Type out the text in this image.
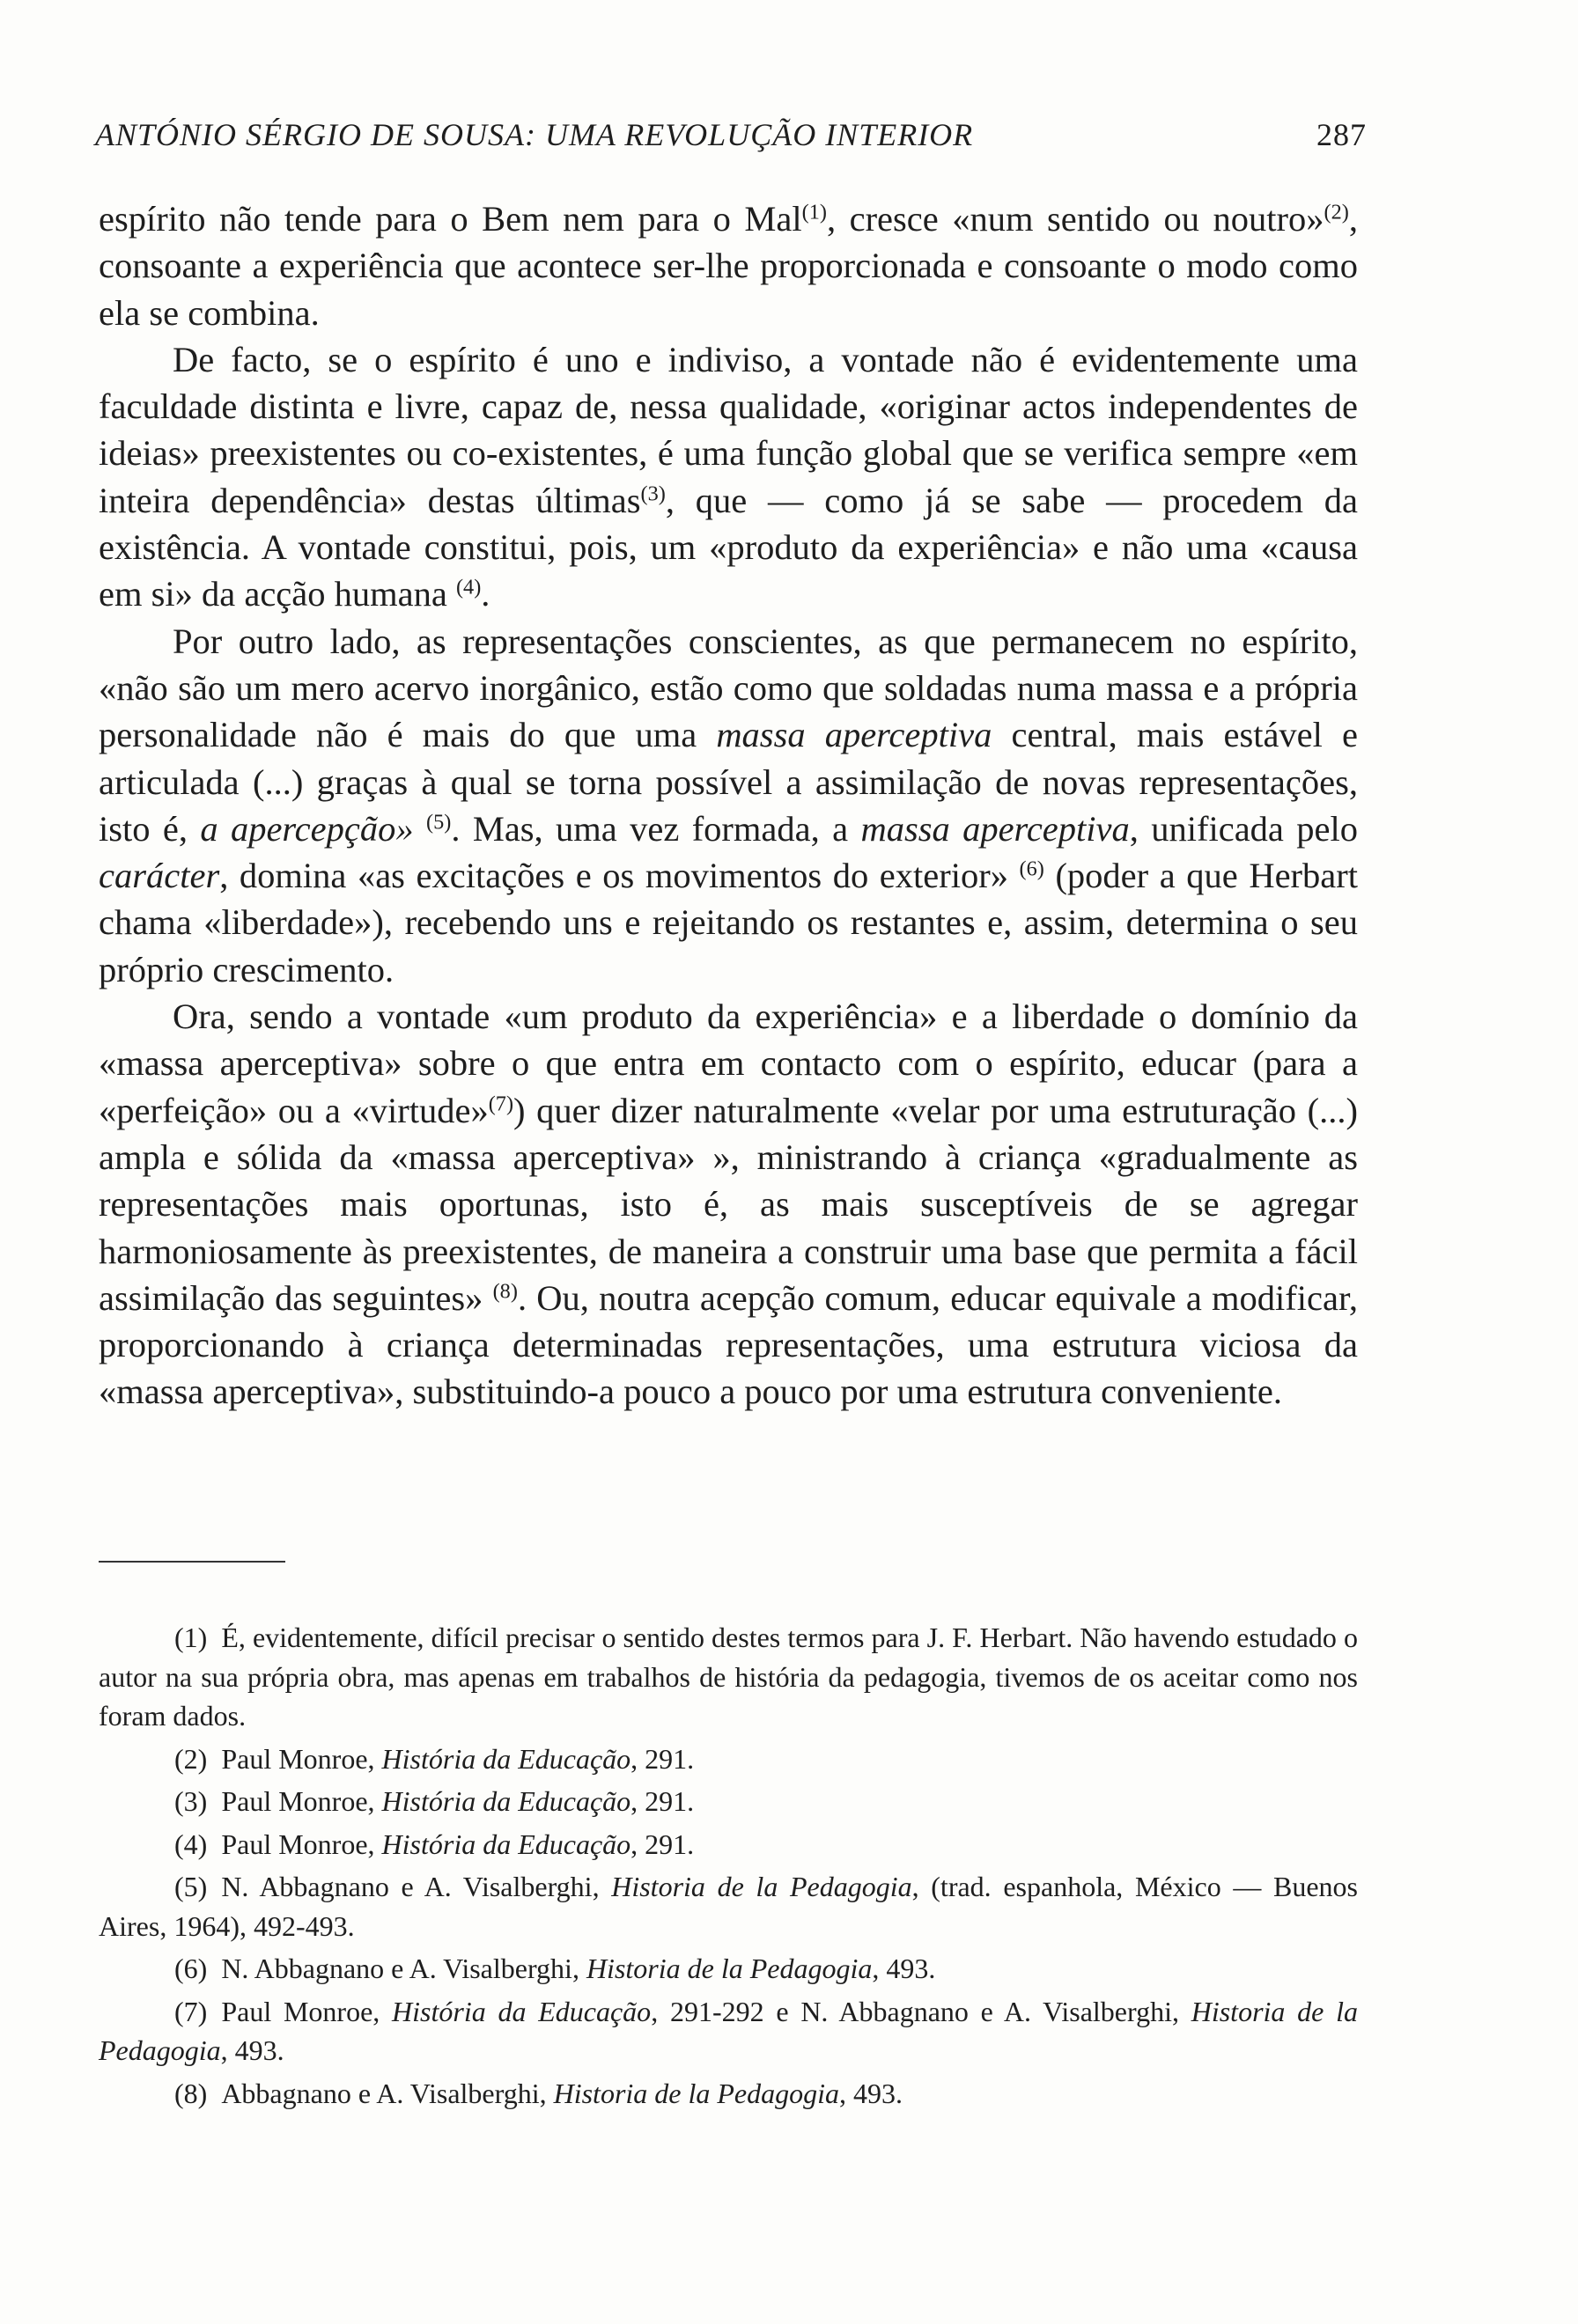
ANTÓNIO SÉRGIO DE SOUSA: UMA REVOLUÇÃO INTERIOR	287

espírito não tende para o Bem nem para o Mal$^{(1)}$, cresce «num sentido ou noutro»$^{(2)}$, consoante a experiência que acontece ser-lhe proporcionada e consoante o modo como ela se combina.

De facto, se o espírito é uno e indiviso, a vontade não é evidentemente uma faculdade distinta e livre, capaz de, nessa qualidade, «originar actos independentes de ideias» preexistentes ou co-existentes, é uma função global que se verifica sempre «em inteira dependência» destas últimas$^{(3)}$, que — como já se sabe — procedem da existência. A vontade constitui, pois, um «produto da experiência» e não uma «causa em si» da acção humana $^{(4)}$.

Por outro lado, as representações conscientes, as que permanecem no espírito, «não são um mero acervo inorgânico, estão como que soldadas numa massa e a própria personalidade não é mais do que uma massa aperceptiva central, mais estável e articulada (...) graças à qual se torna possível a assimilação de novas representações, isto é, a apercepção» $^{(5)}$. Mas, uma vez formada, a massa aperceptiva, unificada pelo carácter, domina «as excitações e os movimentos do exterior» $^{(6)}$ (poder a que Herbart chama «liberdade»), recebendo uns e rejeitando os restantes e, assim, determina o seu próprio crescimento.

Ora, sendo a vontade «um produto da experiência» e a liberdade o domínio da «massa aperceptiva» sobre o que entra em contacto com o espírito, educar (para a «perfeição» ou a «virtude»$^{(7)}$) quer dizer naturalmente «velar por uma estruturação (...) ampla e sólida da «massa aperceptiva» », ministrando à criança «gradualmente as representações mais oportunas, isto é, as mais susceptíveis de se agregar harmoniosamente às preexistentes, de maneira a construir uma base que permita a fácil assimilação das seguintes» $^{(8)}$. Ou, noutra acepção comum, educar equivale a modificar, proporcionando à criança determinadas representações, uma estrutura viciosa da «massa aperceptiva», substituindo-a pouco a pouco por uma estrutura conveniente.

(1) É, evidentemente, difícil precisar o sentido destes termos para J. F. Herbart. Não havendo estudado o autor na sua própria obra, mas apenas em trabalhos de história da pedagogia, tivemos de os aceitar como nos foram dados.

(2) Paul Monroe, História da Educação, 291.

(3) Paul Monroe, História da Educação, 291.

(4) Paul Monroe, História da Educação, 291.

(5) N. Abbagnano e A. Visalberghi, Historia de la Pedagogia, (trad. espanhola, México — Buenos Aires, 1964), 492-493.

(6) N. Abbagnano e A. Visalberghi, Historia de la Pedagogia, 493.

(7) Paul Monroe, História da Educação, 291-292 e N. Abbagnano e A. Visalberghi, Historia de la Pedagogia, 493.

(8) Abbagnano e A. Visalberghi, Historia de la Pedagogia, 493.
